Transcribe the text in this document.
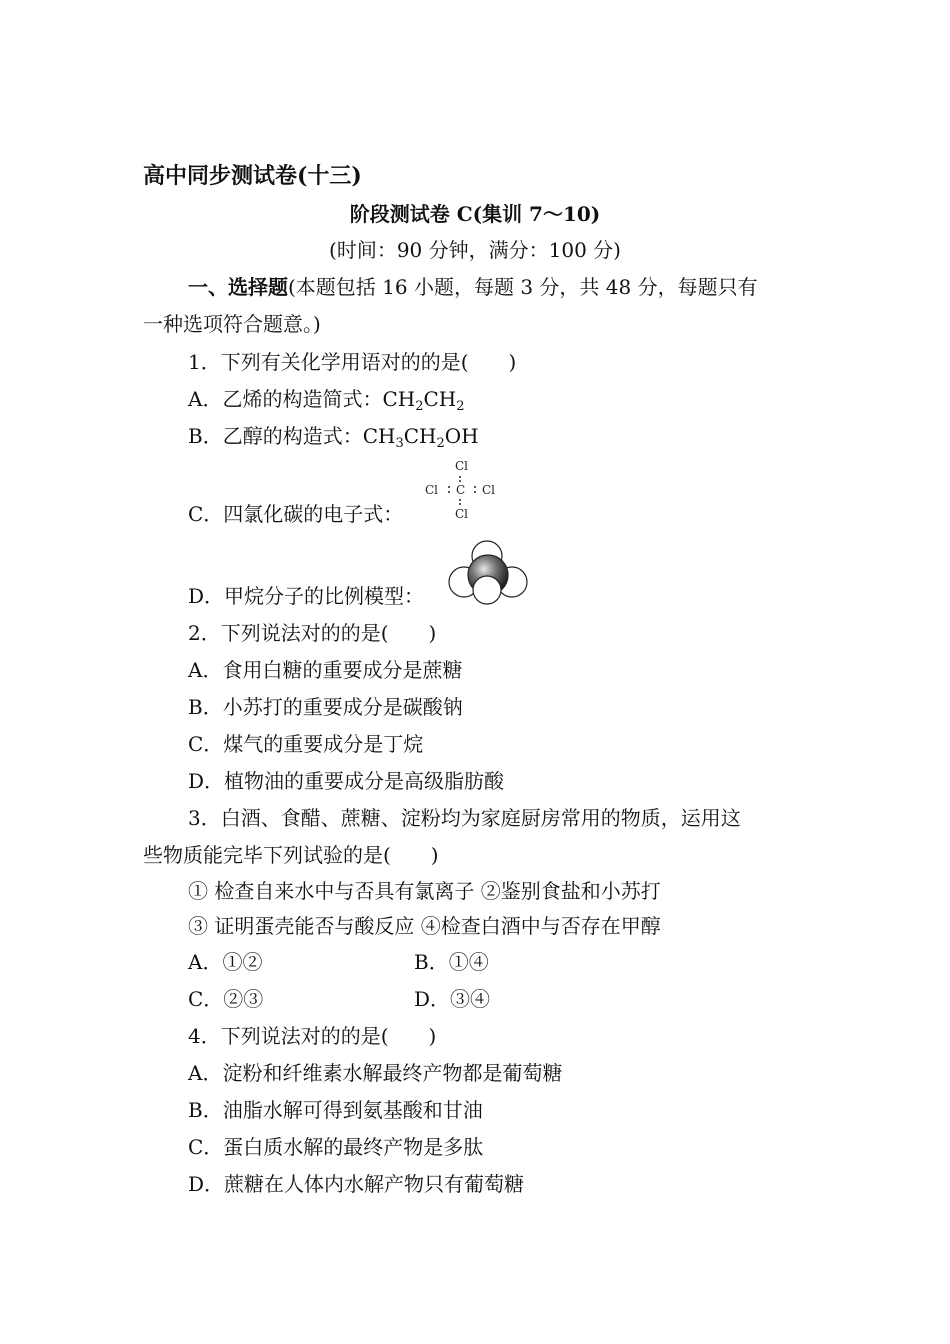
高中同步测试卷(十三)
阶段测试卷 C(集训 7～10)
(时间：90 分钟，满分：100 分)
一、选择题(本题包括 16 小题，每题 3 分，共 48 分，每题只有
一种选项符合题意。)
1．下列有关化学用语对的的是(　　)
A．乙烯的构造简式：$CH_2CH_2$
B．乙醇的构造式：$CH_3CH_2OH$
C．四氯化碳的电子式：
Cl
Cl C Cl
Cl
D．甲烷分子的比例模型：
2．下列说法对的的是(　　)
A．食用白糖的重要成分是蔗糖
B．小苏打的重要成分是碳酸钠
C．煤气的重要成分是丁烷
D．植物油的重要成分是高级脂肪酸
3．白酒、食醋、蔗糖、淀粉均为家庭厨房常用的物质，运用这
些物质能完毕下列试验的是(　　)
① 检查自来水中与否具有氯离子 ②鉴别食盐和小苏打
③ 证明蛋壳能否与酸反应 ④检查白酒中与否存在甲醇
A．①②	B．①④
C．②③	D．③④
4．下列说法对的的是(　　)
A．淀粉和纤维素水解最终产物都是葡萄糖
B．油脂水解可得到氨基酸和甘油
C．蛋白质水解的最终产物是多肽
D．蔗糖在人体内水解产物只有葡萄糖
